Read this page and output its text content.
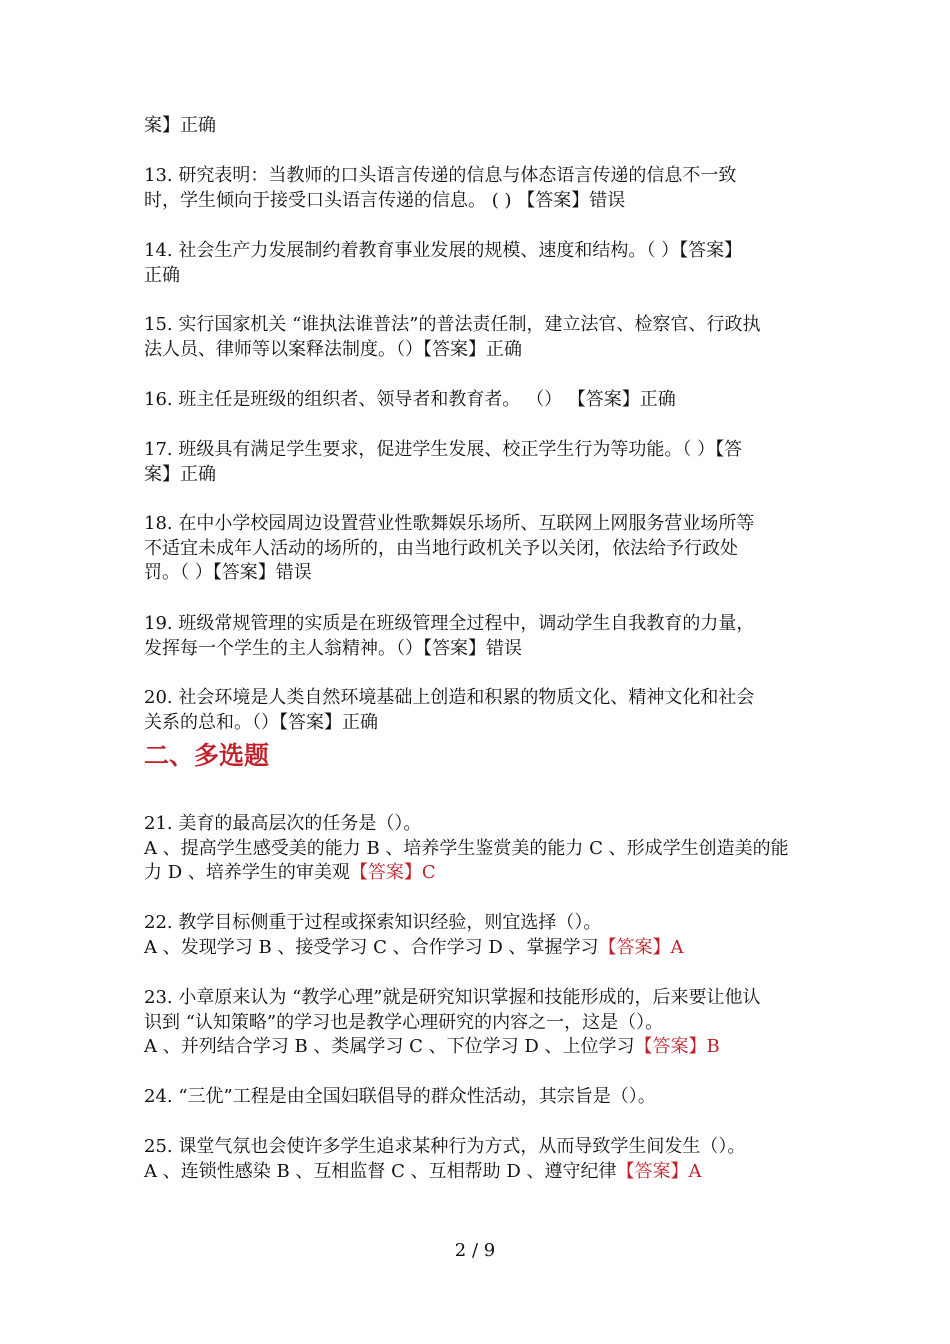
案】正确

13. 研究表明：当教师的口头语言传递的信息与体态语言传递的信息不一致
时，学生倾向于接受口头语言传递的信息。 ( ) 【答案】错误

14. 社会生产力发展制约着教育事业发展的规模、速度和结构。（ ）【答案】
正确

15. 实行国家机关 “谁执法谁普法”的普法责任制，建立法官、检察官、行政执
法人员、律师等以案释法制度。（）【答案】正确

16. 班主任是班级的组织者、领导者和教育者。 （） 【答案】正确

17. 班级具有满足学生要求，促进学生发展、校正学生行为等功能。（ ）【答
案】正确

18. 在中小学校园周边设置营业性歌舞娱乐场所、互联网上网服务营业场所等
不适宜未成年人活动的场所的，由当地行政机关予以关闭，依法给予行政处
罚。（ ）【答案】错误

19. 班级常规管理的实质是在班级管理全过程中，调动学生自我教育的力量，
发挥每一个学生的主人翁精神。（）【答案】错误

20. 社会环境是人类自然环境基础上创造和积累的物质文化、精神文化和社会
关系的总和。（）【答案】正确

二、多选题

21. 美育的最高层次的任务是（）。
A 、提高学生感受美的能力 B 、培养学生鉴赏美的能力 C 、形成学生创造美的能
力 D 、培养学生的审美观【答案】C

22. 教学目标侧重于过程或探索知识经验，则宜选择（）。
A 、发现学习 B 、接受学习 C 、合作学习 D 、掌握学习【答案】A

23. 小章原来认为 “教学心理”就是研究知识掌握和技能形成的，后来要让他认
识到 “认知策略”的学习也是教学心理研究的内容之一，这是（）。
A 、并列结合学习 B 、类属学习 C 、下位学习 D 、上位学习【答案】B

24. “三优”工程是由全国妇联倡导的群众性活动，其宗旨是（）。

25. 课堂气氛也会使许多学生追求某种行为方式，从而导致学生间发生（）。
A 、连锁性感染 B 、互相监督 C 、互相帮助 D 、遵守纪律【答案】A

2 / 9
